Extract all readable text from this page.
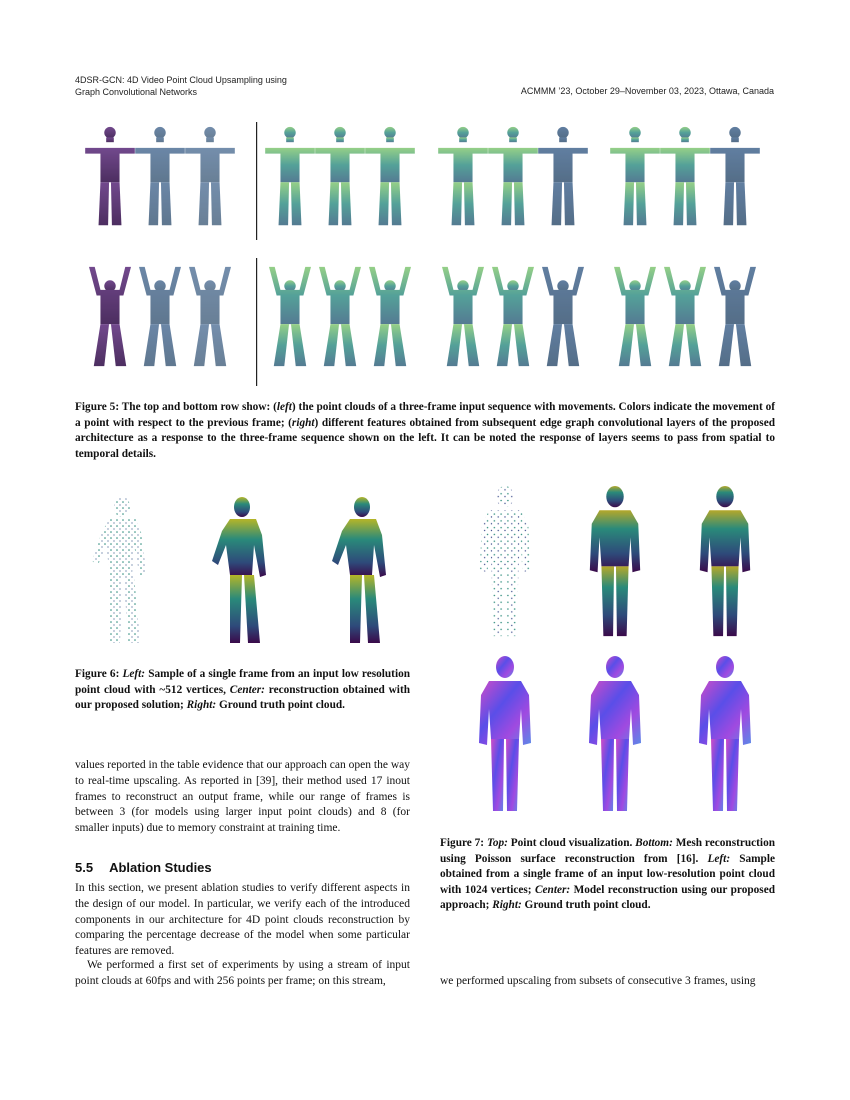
4DSR-GCN: 4D Video Point Cloud Upsampling using
Graph Convolutional Networks	ACMMM ’23, October 29–November 03, 2023, Ottawa, Canada
Figure 5: The top and bottom row show: (left) the point clouds of a three-frame input sequence with movements. Colors indicate the movement of a point with respect to the previous frame; (right) different features obtained from subsequent edge graph convolutional layers of the proposed architecture as a response to the three-frame sequence shown on the left. It can be noted the response of layers seems to pass from spatial to temporal details.
Figure 6: Left: Sample of a single frame from an input low resolution point cloud with ~512 vertices, Center: reconstruction obtained with our proposed solution; Right: Ground truth point cloud.
Figure 7: Top: Point cloud visualization. Bottom: Mesh reconstruction using Poisson surface reconstruction from [16]. Left: Sample obtained from a single frame of an input low-resolution point cloud with 1024 vertices; Center: Model reconstruction using our proposed approach; Right: Ground truth point cloud.
values reported in the table evidence that our approach can open the way to real-time upscaling. As reported in [39], their method used 17 inout frames to reconstruct an output frame, while our range of frames is between 3 (for models using larger input point clouds) and 8 (for smaller inputs) due to memory constraint at training time.
5.5 Ablation Studies
In this section, we present ablation studies to verify different aspects in the design of our model. In particular, we verify each of the introduced components in our architecture for 4D point clouds reconstruction by comparing the percentage decrease of the model when some particular features are removed.
We performed a first set of experiments by using a stream of input point clouds at 60fps and with 256 points per frame; on this stream,	we performed upscaling from subsets of consecutive 3 frames, using
